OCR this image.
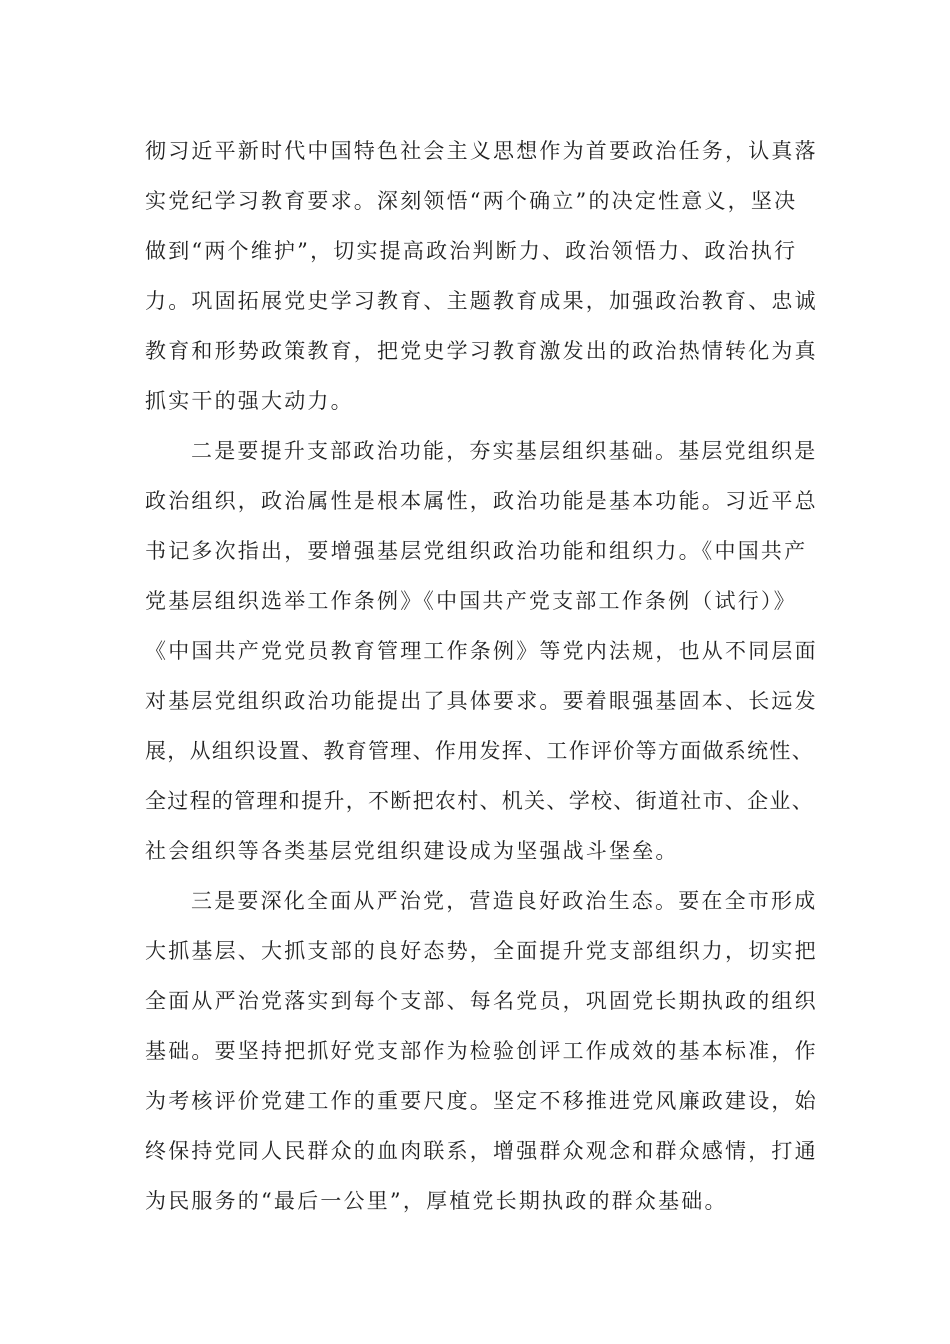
彻习近平新时代中国特色社会主义思想作为首要政治任务，认真落
实党纪学习教育要求。深刻领悟“两个确立”的决定性意义，坚决
做到“两个维护”，切实提高政治判断力、政治领悟力、政治执行
力。巩固拓展党史学习教育、主题教育成果，加强政治教育、忠诚
教育和形势政策教育，把党史学习教育激发出的政治热情转化为真
抓实干的强大动力。
二是要提升支部政治功能，夯实基层组织基础。基层党组织是
政治组织，政治属性是根本属性，政治功能是基本功能。习近平总
书记多次指出，要增强基层党组织政治功能和组织力。《中国共产
党基层组织选举工作条例》《中国共产党支部工作条例（试行）》
《中国共产党党员教育管理工作条例》等党内法规，也从不同层面
对基层党组织政治功能提出了具体要求。要着眼强基固本、长远发
展，从组织设置、教育管理、作用发挥、工作评价等方面做系统性、
全过程的管理和提升，不断把农村、机关、学校、街道社市、企业、
社会组织等各类基层党组织建设成为坚强战斗堡垒。
三是要深化全面从严治党，营造良好政治生态。要在全市形成
大抓基层、大抓支部的良好态势，全面提升党支部组织力，切实把
全面从严治党落实到每个支部、每名党员，巩固党长期执政的组织
基础。要坚持把抓好党支部作为检验创评工作成效的基本标准，作
为考核评价党建工作的重要尺度。坚定不移推进党风廉政建设，始
终保持党同人民群众的血肉联系，增强群众观念和群众感情，打通
为民服务的“最后一公里”，厚植党长期执政的群众基础。
